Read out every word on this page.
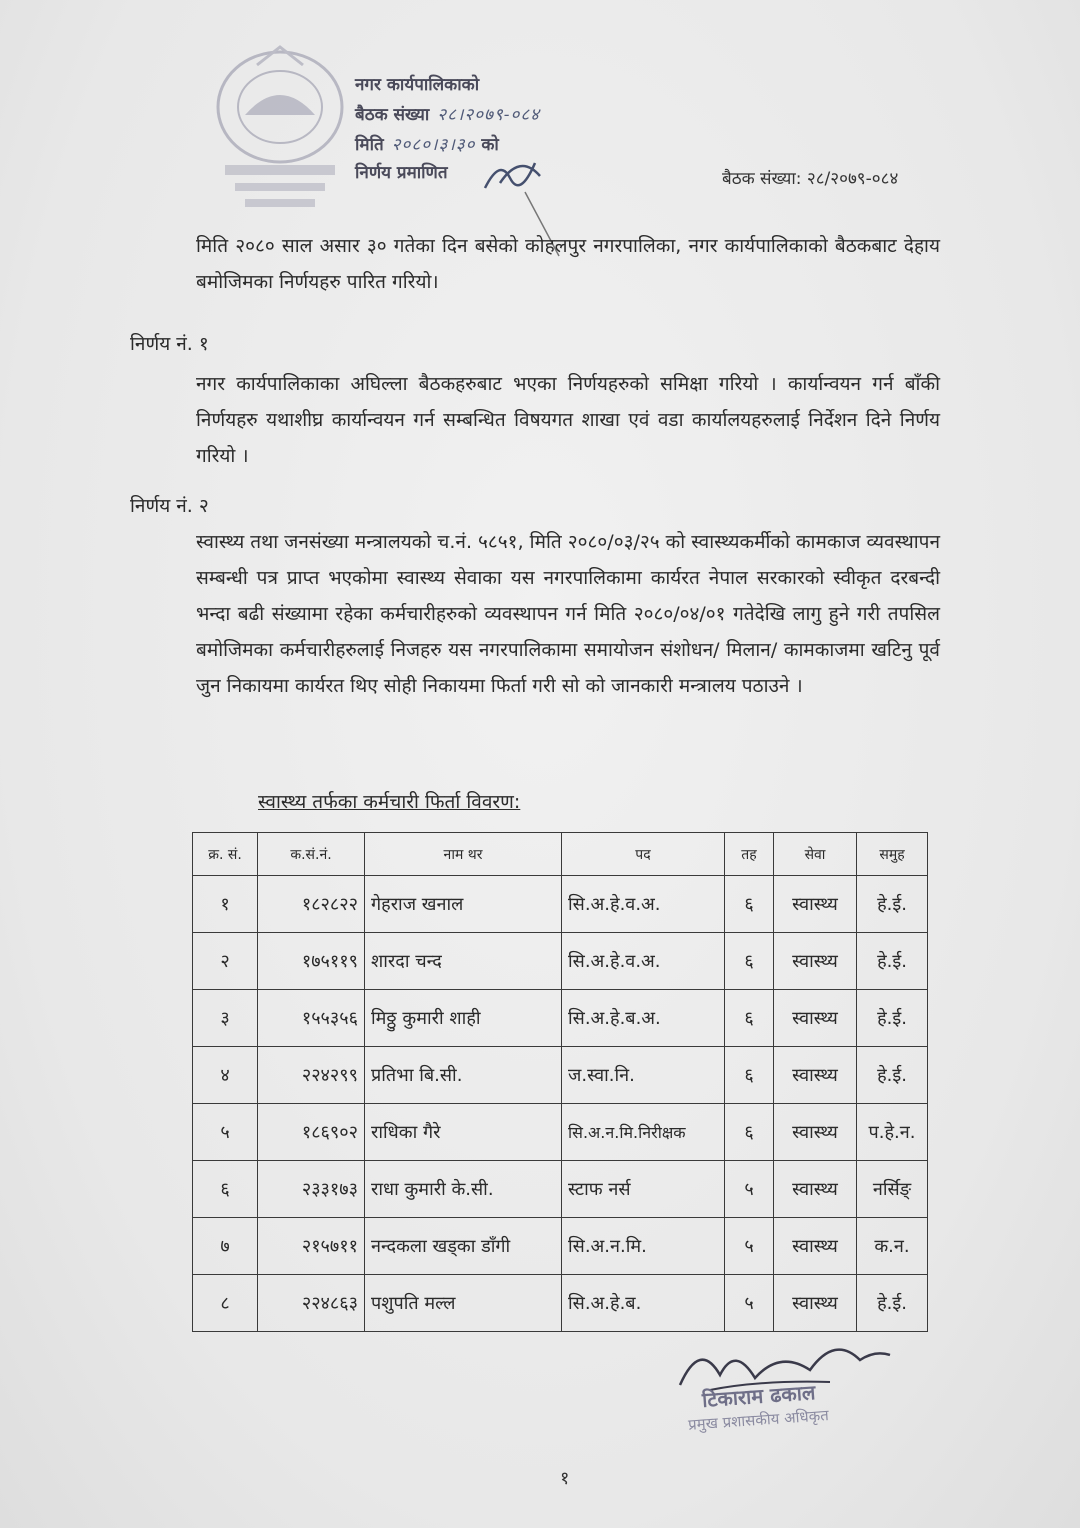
नगर कार्यपालिकाको
बैठक संख्या २८।२०७९-०८४
मिति २०८०।३।३० को
निर्णय प्रमाणित	बैठक संख्या: २८/२०७९-०८४
मिति २०८० साल असार ३० गतेका दिन बसेको कोहलपुर नगरपालिका, नगर कार्यपालिकाको बैठकबाट देहाय बमोजिमका निर्णयहरु पारित गरियो।
निर्णय नं. १
नगर कार्यपालिकाका अघिल्ला बैठकहरुबाट भएका निर्णयहरुको समिक्षा गरियो । कार्यान्वयन गर्न बाँकी निर्णयहरु यथाशीघ्र कार्यान्वयन गर्न सम्बन्धित विषयगत शाखा एवं वडा कार्यालयहरुलाई निर्देशन दिने निर्णय गरियो ।
निर्णय नं. २
स्वास्थ्य तथा जनसंख्या मन्त्रालयको च.नं. ५८५१, मिति २०८०/०३/२५ को स्वास्थ्यकर्मीको कामकाज व्यवस्थापन सम्बन्धी पत्र प्राप्त भएकोमा स्वास्थ्य सेवाका यस नगरपालिकामा कार्यरत नेपाल सरकारको स्वीकृत दरबन्दी भन्दा बढी संख्यामा रहेका कर्मचारीहरुको व्यवस्थापन गर्न मिति २०८०/०४/०१ गतेदेखि लागु हुने गरी तपसिल बमोजिमका कर्मचारीहरुलाई निजहरु यस नगरपालिकामा समायोजन संशोधन/ मिलान/ कामकाजमा खटिनु पूर्व जुन निकायमा कार्यरत थिए सोही निकायमा फिर्ता गरी सो को जानकारी मन्त्रालय पठाउने ।
स्वास्थ्य तर्फका कर्मचारी फिर्ता विवरण:
क्र. सं.	क.सं.नं.	नाम थर	पद	तह	सेवा	समुह
१	१८२८२२	गेहराज खनाल	सि.अ.हे.व.अ.	६	स्वास्थ्य	हे.ई.
२	१७५११९	शारदा चन्द	सि.अ.हे.व.अ.	६	स्वास्थ्य	हे.ई.
३	१५५३५६	मिठ्ठु कुमारी शाही	सि.अ.हे.ब.अ.	६	स्वास्थ्य	हे.ई.
४	२२४२९९	प्रतिभा बि.सी.	ज.स्वा.नि.	६	स्वास्थ्य	हे.ई.
५	१८६९०२	राधिका गैरे	सि.अ.न.मि.निरीक्षक	६	स्वास्थ्य	प.हे.न.
६	२३३१७३	राधा कुमारी के.सी.	स्टाफ नर्स	५	स्वास्थ्य	नर्सिङ्
७	२१५७११	नन्दकला खड्का डाँगी	सि.अ.न.मि.	५	स्वास्थ्य	क.न.
८	२२४८६३	पशुपति मल्ल	सि.अ.हे.ब.	५	स्वास्थ्य	हे.ई.
टिकाराम ढकाल
प्रमुख प्रशासकीय अधिकृत
१
